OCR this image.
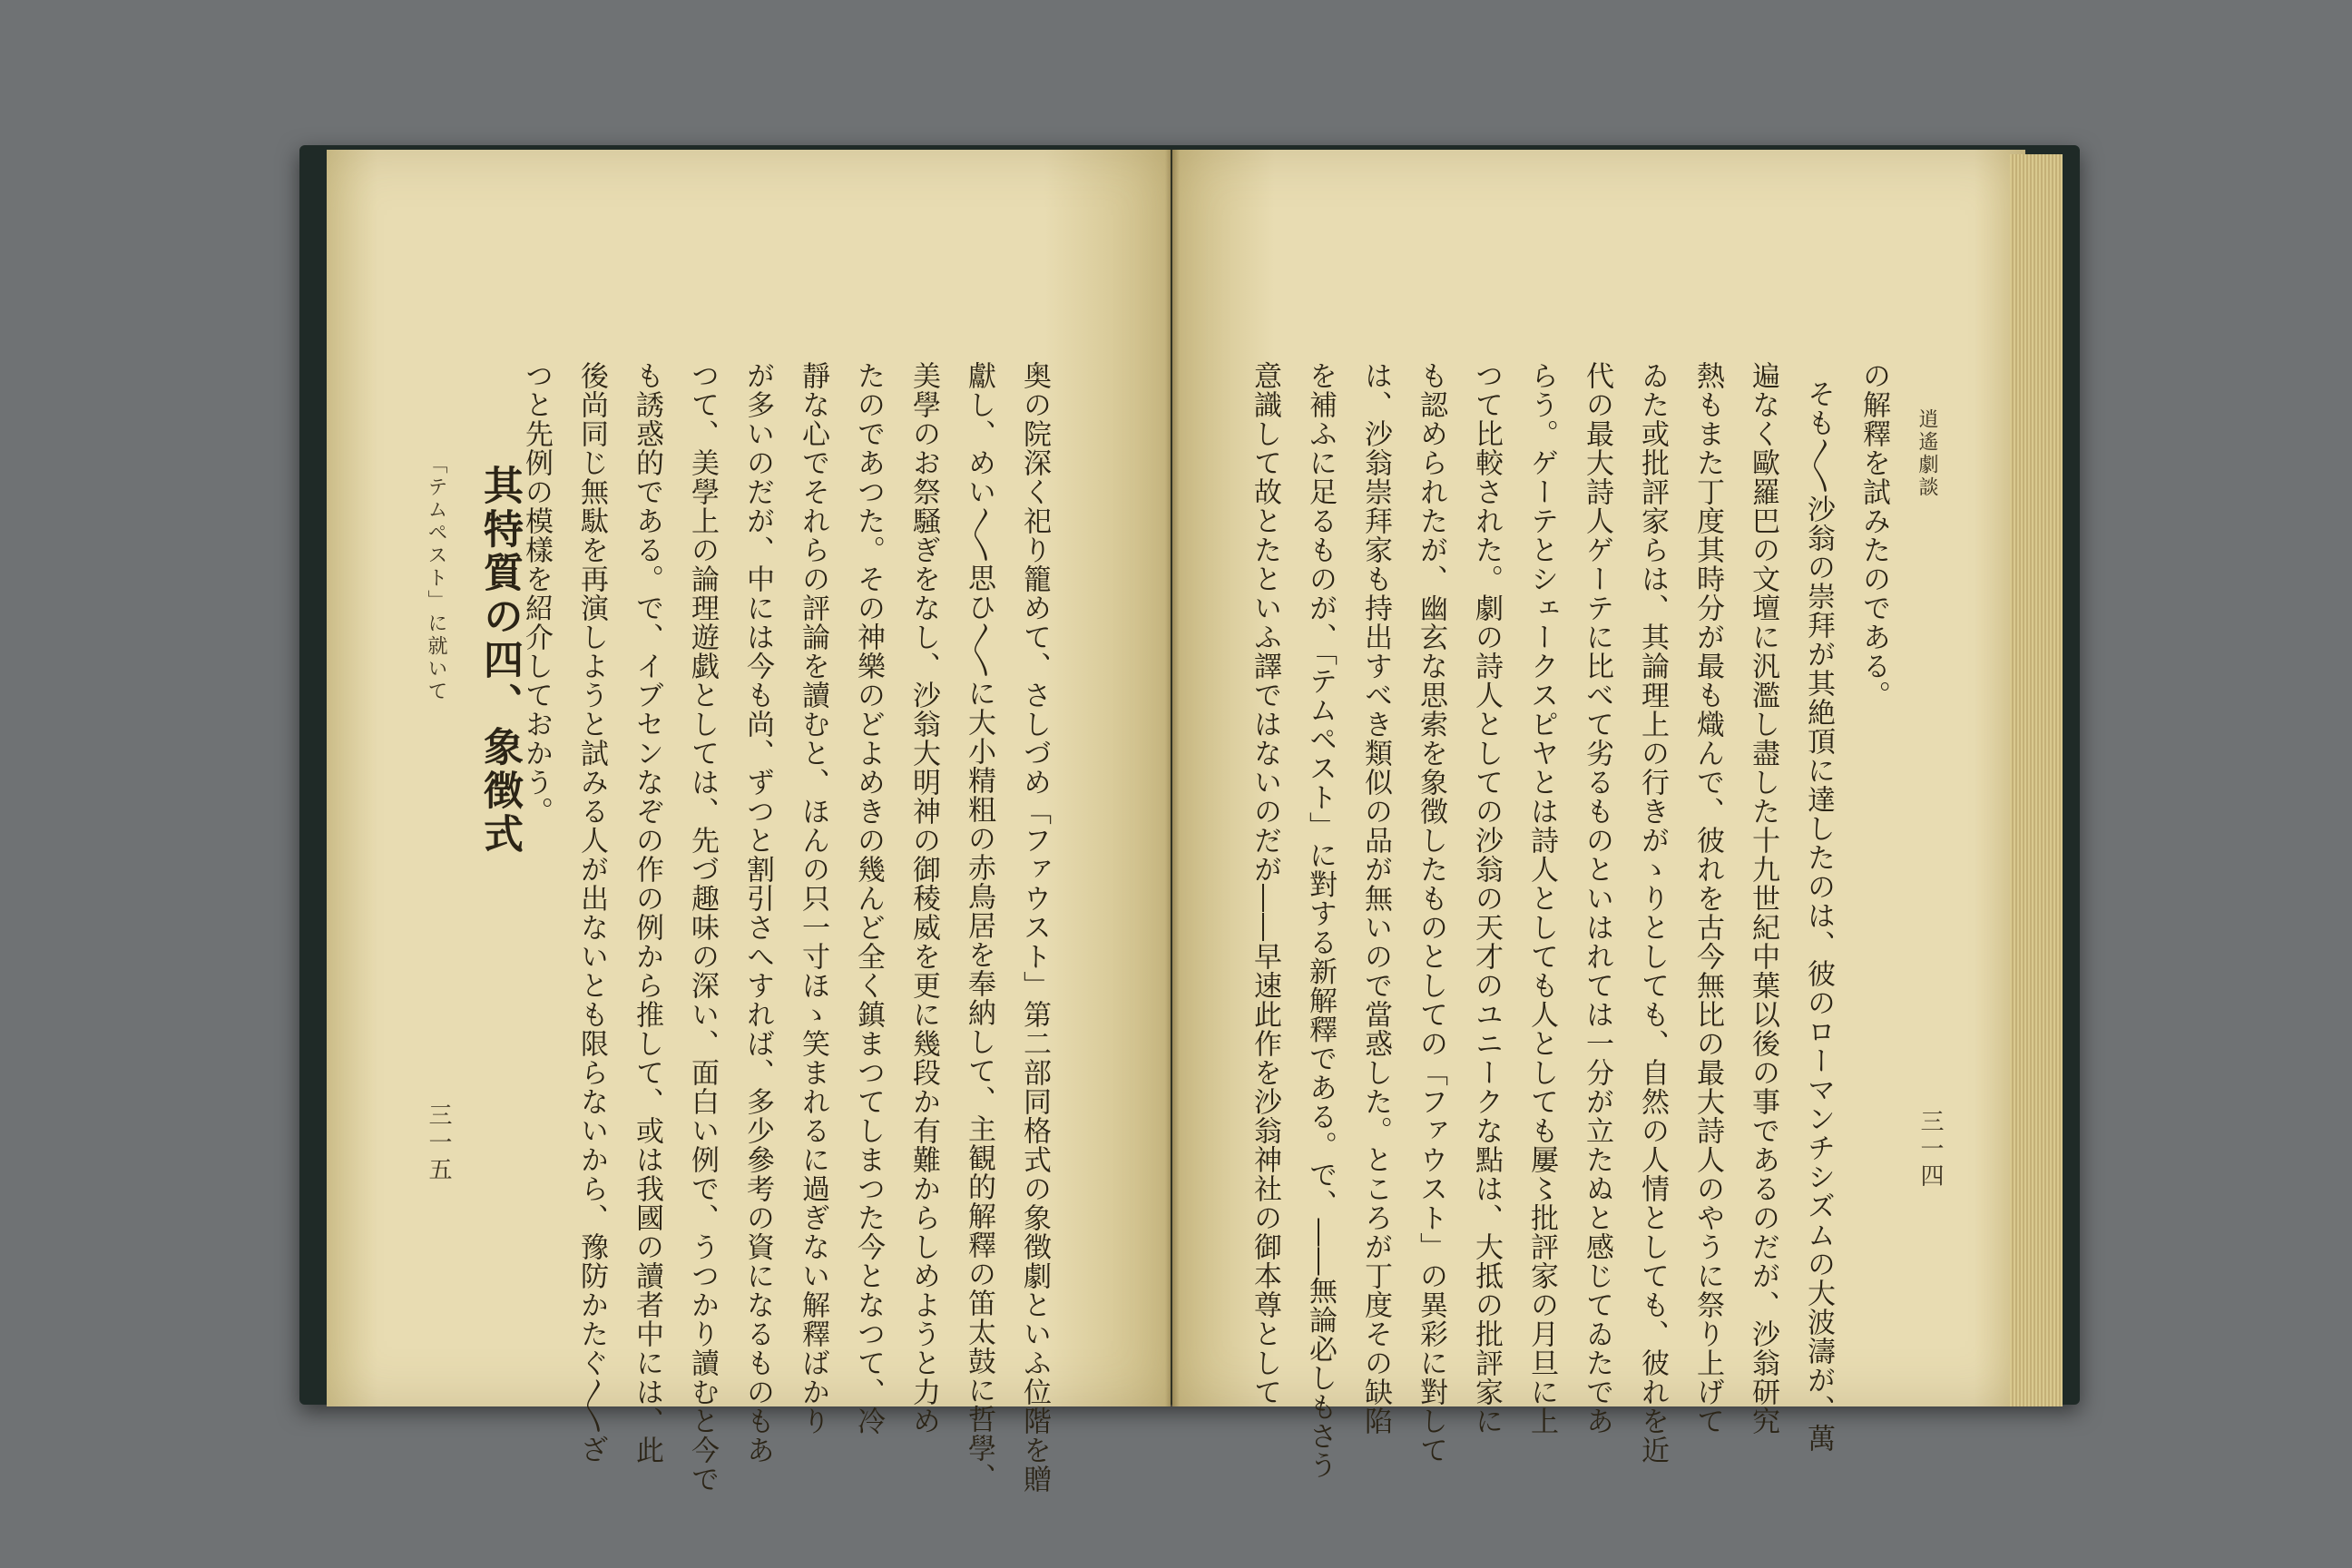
逍遙劇談
の解釋を試みたのである。
そも〳〵沙翁の崇拜が其絶頂に達したのは、彼のローマンチシズムの大波濤が、萬
遍なく歐羅巴の文壇に汎濫し盡した十九世紀中葉以後の事であるのだが、沙翁研究
熱もまた丁度其時分が最も熾んで、彼れを古今無比の最大詩人のやうに祭り上げて
ゐた或批評家らは、其論理上の行きがゝりとしても、自然の人情としても、彼れを近
代の最大詩人ゲーテに比べて劣るものといはれては一分が立たぬと感じてゐたであ
らう。ゲーテとシェークスピヤとは詩人としても人としても屢〻批評家の月旦に上
つて比較された。劇の詩人としての沙翁の天才のユニークな點は、大抵の批評家に
も認められたが、幽玄な思索を象徴したものとしての「ファウスト」の異彩に對して
は、沙翁崇拜家も持出すべき類似の品が無いので當惑した。ところが丁度その缺陷
を補ふに足るものが、「テムペスト」に對する新解釋である。で、――無論必しもさう
意識して故とたといふ譯ではないのだが――早速此作を沙翁神社の御本尊として	三一四
奥の院深く祀り籠めて、さしづめ「ファウスト」第二部同格式の象徴劇といふ位階を贈
獻し、めい〳〵思ひ〳〵に大小精粗の赤鳥居を奉納して、主観的解釋の笛太鼓に哲學、
美學のお祭騒ぎをなし、沙翁大明神の御稜威を更に幾段か有難からしめようと力め
たのであつた。その神樂のどよめきの幾んど全く鎮まつてしまつた今となつて、冷
靜な心でそれらの評論を讀むと、ほんの只一寸ほゝ笑まれるに過ぎない解釋ばかり
が多いのだが、中には今も尚、ずつと割引さへすれば、多少參考の資になるものもあ
つて、美學上の論理遊戯としては、先づ趣味の深い、面白い例で、うつかり讀むと今で
も誘惑的である。で、イブセンなぞの作の例から推して、或は我國の讀者中には、此
後尚同じ無駄を再演しようと試みる人が出ないとも限らないから、豫防かたぐ〳〵ざ
つと先例の模樣を紹介しておかう。
其特質の四、象徴式
「テムペスト」に就いて
三一五
